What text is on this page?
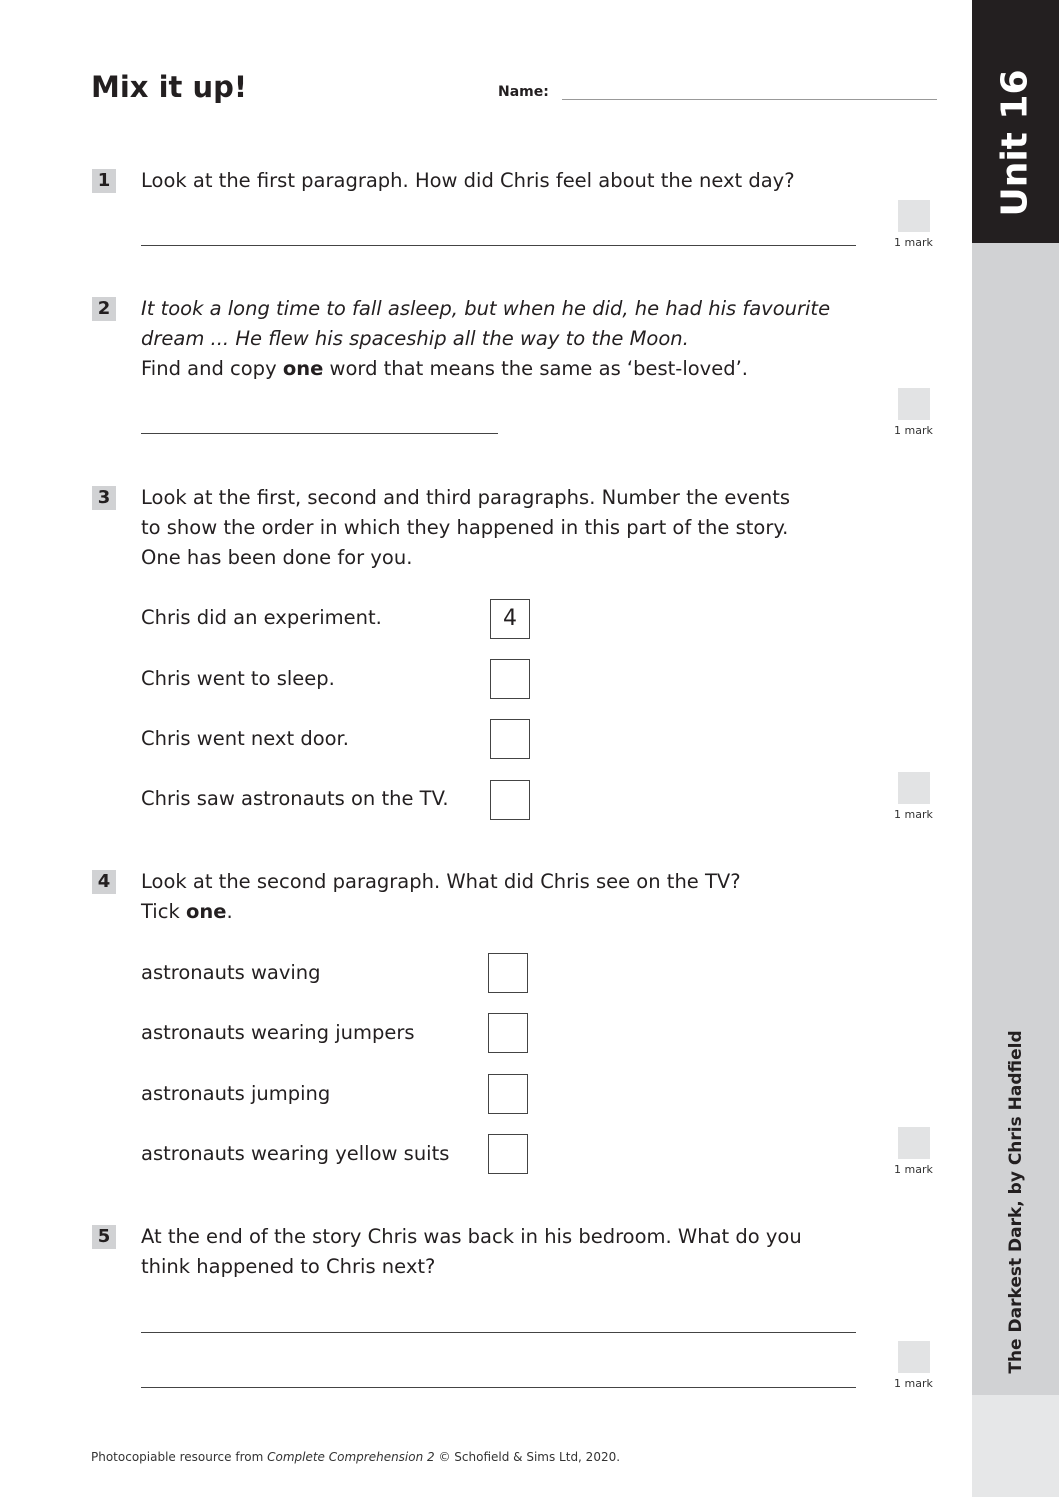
Unit 16
The Darkest Dark, by Chris Hadfield
Mix it up!	Name:
1 Look at the first paragraph. How did Chris feel about the next day?
1 mark
2 It took a long time to fall asleep, but when he did, he had his favourite
dream ... He flew his spaceship all the way to the Moon.
Find and copy one word that means the same as ‘best-loved’.
1 mark
3 Look at the first, second and third paragraphs. Number the events
to show the order in which they happened in this part of the story.
One has been done for you.
Chris did an experiment.	4
Chris went to sleep.
Chris went next door.
Chris saw astronauts on the TV.
1 mark
4 Look at the second paragraph. What did Chris see on the TV?
Tick one.
astronauts waving
astronauts wearing jumpers
astronauts jumping
astronauts wearing yellow suits
1 mark
5 At the end of the story Chris was back in his bedroom. What do you
think happened to Chris next?
1 mark
Photocopiable resource from Complete Comprehension 2 © Schofield & Sims Ltd, 2020.
